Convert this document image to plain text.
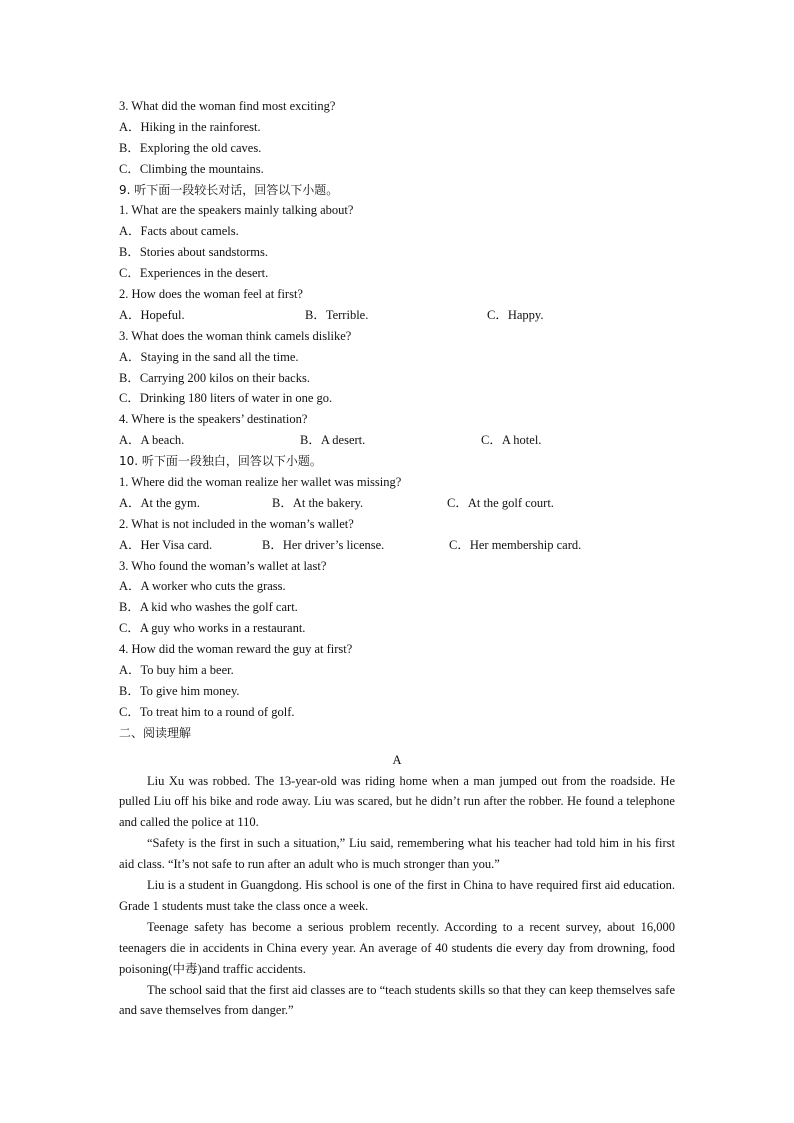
3. What did the woman find most exciting?
A．Hiking in the rainforest.
B．Exploring the old caves.
C．Climbing the mountains.
9. 听下面一段较长对话，回答以下小题。
1. What are the speakers mainly talking about?
A．Facts about camels.
B．Stories about sandstorms.
C．Experiences in the desert.
2. How does the woman feel at first?
A．Hopeful.	B．Terrible.	C．Happy.
3. What does the woman think camels dislike?
A．Staying in the sand all the time.
B．Carrying 200 kilos on their backs.
C．Drinking 180 liters of water in one go.
4. Where is the speakers’ destination?
A．A beach.	B．A desert.	C．A hotel.
10. 听下面一段独白，回答以下小题。
1. Where did the woman realize her wallet was missing?
A．At the gym.	B．At the bakery.	C．At the golf court.
2. What is not included in the woman’s wallet?
A．Her Visa card.	B．Her driver’s license.	C．Her membership card.
3. Who found the woman’s wallet at last?
A．A worker who cuts the grass.
B．A kid who washes the golf cart.
C．A guy who works in a restaurant.
4. How did the woman reward the guy at first?
A．To buy him a beer.
B．To give him money.
C．To treat him to a round of golf.
二、阅读理解
A

Liu Xu was robbed. The 13-year-old was riding home when a man jumped out from the roadside. He pulled Liu off his bike and rode away. Liu was scared, but he didn’t run after the robber. He found a telephone and called the police at 110.

“Safety is the first in such a situation,” Liu said, remembering what his teacher had told him in his first aid class. “It’s not safe to run after an adult who is much stronger than you.”

Liu is a student in Guangdong. His school is one of the first in China to have required first aid education. Grade 1 students must take the class once a week.

Teenage safety has become a serious problem recently. According to a recent survey, about 16,000 teenagers die in accidents in China every year. An average of 40 students die every day from drowning, food poisoning(中毒)and traffic accidents.

The school said that the first aid classes are to “teach students skills so that they can keep themselves safe and save themselves from danger.”
